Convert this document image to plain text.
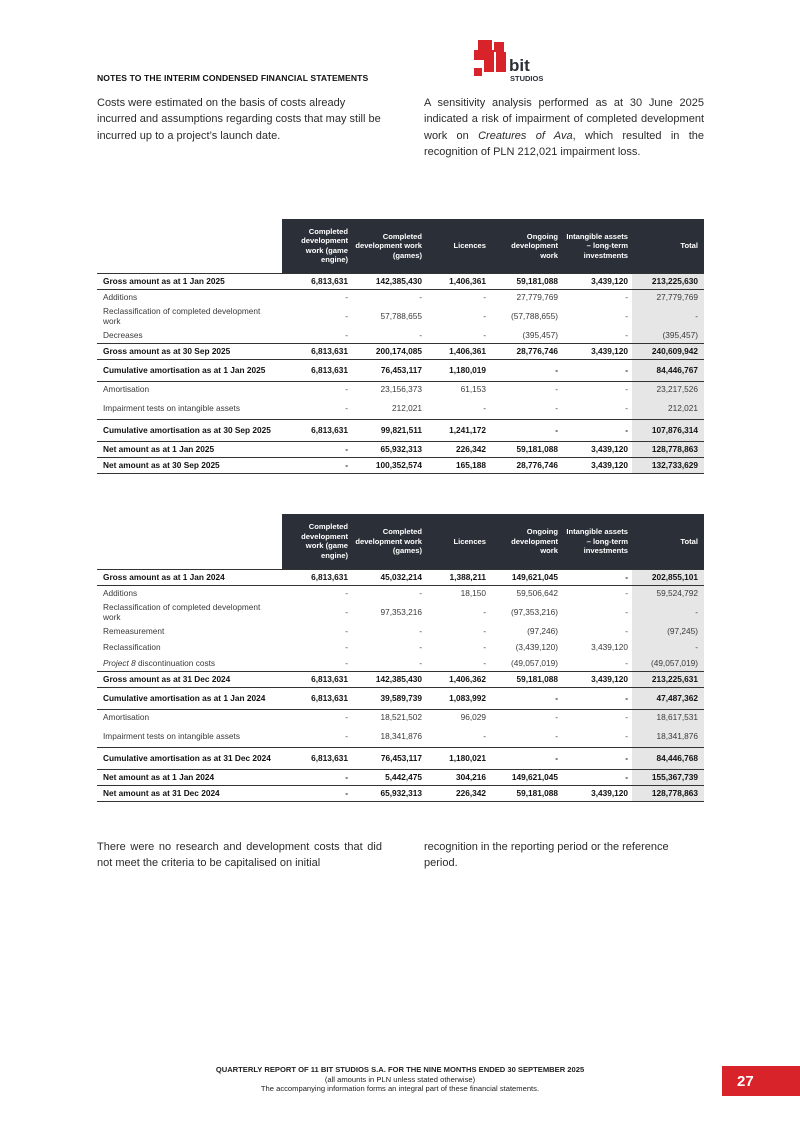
NOTES TO THE INTERIM CONDENSED FINANCIAL STATEMENTS
bit
STUDIOS

Costs were estimated on the basis of costs already incurred and assumptions regarding costs that may still be incurred up to a project’s launch date.

A sensitivity analysis performed as at 30 June 2025 indicated a risk of impairment of completed development work on Creatures of Ava, which resulted in the recognition of PLN 212,021 impairment loss.

	Completed development work (game engine)	Completed development work (games)	Licences	Ongoing development work	Intangible assets – long-term investments	Total
Gross amount as at 1 Jan 2025	6,813,631	142,385,430	1,406,361	59,181,088	3,439,120	213,225,630
Additions	-	-	-	27,779,769	-	27,779,769
Reclassification of completed development work	-	57,788,655	-	(57,788,655)	-	-
Decreases	-	-	-	(395,457)	-	(395,457)
Gross amount as at 30 Sep 2025	6,813,631	200,174,085	1,406,361	28,776,746	3,439,120	240,609,942
Cumulative amortisation as at 1 Jan 2025	6,813,631	76,453,117	1,180,019	-	-	84,446,767
Amortisation	-	23,156,373	61,153	-	-	23,217,526
Impairment tests on intangible assets	-	212,021	-	-	-	212,021
Cumulative amortisation as at 30 Sep 2025	6,813,631	99,821,511	1,241,172	-	-	107,876,314
Net amount as at 1 Jan 2025	-	65,932,313	226,342	59,181,088	3,439,120	128,778,863
Net amount as at 30 Sep 2025	-	100,352,574	165,188	28,776,746	3,439,120	132,733,629
	Completed development work (game engine)	Completed development work (games)	Licences	Ongoing development work	Intangible assets – long-term investments	Total
Gross amount as at 1 Jan 2024	6,813,631	45,032,214	1,388,211	149,621,045	-	202,855,101
Additions	-	-	18,150	59,506,642	-	59,524,792
Reclassification of completed development work	-	97,353,216	-	(97,353,216)	-	-
Remeasurement	-	-	-	(97,246)	-	(97,245)
Reclassification	-	-	-	(3,439,120)	3,439,120	-
Project 8 discontinuation costs	-	-	-	(49,057,019)	-	(49,057,019)
Gross amount as at 31 Dec 2024	6,813,631	142,385,430	1,406,362	59,181,088	3,439,120	213,225,631
Cumulative amortisation as at 1 Jan 2024	6,813,631	39,589,739	1,083,992	-	-	47,487,362
Amortisation	-	18,521,502	96,029	-	-	18,617,531
Impairment tests on intangible assets	-	18,341,876	-	-	-	18,341,876
Cumulative amortisation as at 31 Dec 2024	6,813,631	76,453,117	1,180,021	-	-	84,446,768
Net amount as at 1 Jan 2024	-	5,442,475	304,216	149,621,045	-	155,367,739
Net amount as at 31 Dec 2024	-	65,932,313	226,342	59,181,088	3,439,120	128,778,863

There were no research and development costs that did not meet the criteria to be capitalised on initial

recognition in the reporting period or the reference period.

QUARTERLY REPORT OF 11 BIT STUDIOS S.A. FOR THE NINE MONTHS ENDED 30 SEPTEMBER 2025
(all amounts in PLN unless stated otherwise)
The accompanying information forms an integral part of these financial statements.	27
